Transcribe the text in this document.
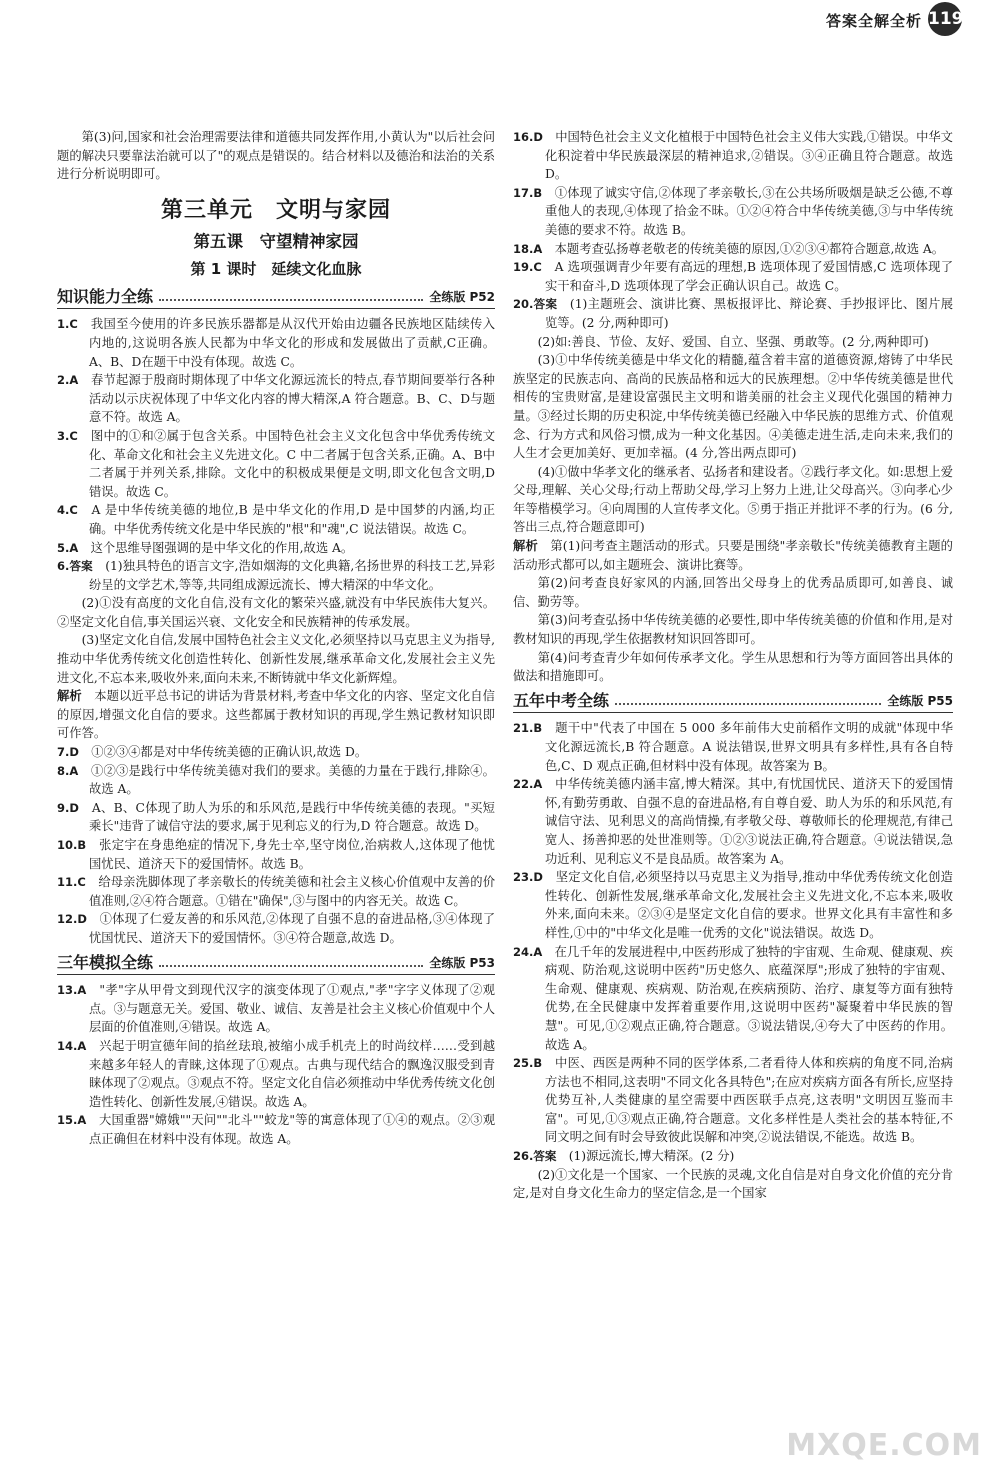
答案全解全析 119

第(3)问,国家和社会治理需要法律和道德共同发挥作用,小黄认为"以后社会问题的解决只要靠法治就可以了"的观点是错误的。结合材料以及德治和法治的关系进行分析说明即可。

第三单元　文明与家园
第五课　守望精神家园
第 1 课时　延续文化血脉
知识能力全练	全练版 P52

1.C　 我国至今使用的许多民族乐器都是从汉代开始由边疆各民族地区陆续传入内地的,这说明各族人民都为中华文化的形成和发展做出了贡献,C正确。A、B、D在题干中没有体现。故选 C。

2.A　 春节起源于殷商时期体现了中华文化源远流长的特点,春节期间要举行各种活动以示庆祝体现了中华文化内容的博大精深,A 符合题意。B、C、D与题意不符。故选 A。

3.C　 图中的①和②属于包含关系。中国特色社会主义文化包含中华优秀传统文化、革命文化和社会主义先进文化。C 中二者属于包含关系,正确。A、B中二者属于并列关系,排除。文化中的积极成果便是文明,即文化包含文明,D 错误。故选 C。

4.C　 A 是中华传统美德的地位,B 是中华文化的作用,D 是中国梦的内涵,均正确。中华优秀传统文化是中华民族的"根"和"魂",C 说法错误。故选 C。

5.A　 这个思维导图强调的是中华文化的作用,故选 A。

6.答案　 (1)独具特色的语言文字,浩如烟海的文化典籍,名扬世界的科技工艺,异彩纷呈的文学艺术,等等,共同组成源远流长、博大精深的中华文化。

(2)①没有高度的文化自信,没有文化的繁荣兴盛,就没有中华民族伟大复兴。②坚定文化自信,事关国运兴衰、文化安全和民族精神的传承发展。

(3)坚定文化自信,发展中国特色社会主义文化,必须坚持以马克思主义为指导,推动中华优秀传统文化创造性转化、创新性发展,继承革命文化,发展社会主义先进文化,不忘本来,吸收外来,面向未来,不断铸就中华文化新辉煌。

解析　 本题以近平总书记的讲话为背景材料,考查中华文化的内容、坚定文化自信的原因,增强文化自信的要求。这些都属于教材知识的再现,学生熟记教材知识即可作答。

7.D　 ①②③④都是对中华传统美德的正确认识,故选 D。

8.A　 ①②③是践行中华传统美德对我们的要求。美德的力量在于践行,排除④。故选 A。

9.D　 A、B、C体现了助人为乐的和乐风范,是践行中华传统美德的表现。"买短乘长"违背了诚信守法的要求,属于见利忘义的行为,D 符合题意。故选 D。

10.B　 张定宇在身患绝症的情况下,身先士卒,坚守岗位,治病救人,这体现了他忧国忧民、道济天下的爱国情怀。故选 B。

11.C　 给母亲洗脚体现了孝亲敬长的传统美德和社会主义核心价值观中友善的价值准则,②④符合题意。①错在"确保",③与图中的内容无关。故选 C。

12.D　 ①体现了仁爱友善的和乐风范,②体现了自强不息的奋进品格,③④体现了忧国忧民、道济天下的爱国情怀。③④符合题意,故选 D。

三年模拟全练	全练版 P53

13.A　 "孝"字从甲骨文到现代汉字的演变体现了①观点,"孝"字字义体现了②观点。③与题意无关。爱国、敬业、诚信、友善是社会主义核心价值观中个人层面的价值准则,④错误。故选 A。

14.A　 兴起于明宣德年间的掐丝珐琅,被缩小成手机壳上的时尚纹样……受到越来越多年轻人的青睐,这体现了①观点。古典与现代结合的飘逸汉服受到青睐体现了②观点。③观点不符。坚定文化自信必须推动中华优秀传统文化创造性转化、创新性发展,④错误。故选 A。

15.A　 大国重器"嫦娥""天问""北斗""蛟龙"等的寓意体现了①④的观点。②③观点正确但在材料中没有体现。故选 A。

16.D　 中国特色社会主义文化植根于中国特色社会主义伟大实践,①错误。中华文化积淀着中华民族最深层的精神追求,②错误。③④正确且符合题意。故选 D。

17.B　 ①体现了诚实守信,②体现了孝亲敬长,③在公共场所吸烟是缺乏公德,不尊重他人的表现,④体现了拾金不昧。①②④符合中华传统美德,③与中华传统美德的要求不符。故选 B。

18.A　 本题考查弘扬尊老敬老的传统美德的原因,①②③④都符合题意,故选 A。

19.C　 A 选项强调青少年要有高远的理想,B 选项体现了爱国情感,C 选项体现了实干和奋斗,D 选项体现了学会正确认识自己。故选 C。

20.答案　 (1)主题班会、演讲比赛、黑板报评比、辩论赛、手抄报评比、图片展览等。(2 分,两种即可)

(2)如:善良、节俭、友好、爱国、自立、坚强、勇敢等。(2 分,两种即可)

(3)①中华传统美德是中华文化的精髓,蕴含着丰富的道德资源,熔铸了中华民族坚定的民族志向、高尚的民族品格和远大的民族理想。②中华传统美德是世代相传的宝贵财富,是建设富强民主文明和谐美丽的社会主义现代化强国的精神力量。③经过长期的历史积淀,中华传统美德已经融入中华民族的思维方式、价值观念、行为方式和风俗习惯,成为一种文化基因。④美德走进生活,走向未来,我们的人生才会更加美好、更加幸福。(4 分,答出两点即可)

(4)①做中华孝文化的继承者、弘扬者和建设者。②践行孝文化。如:思想上爱父母,理解、关心父母;行动上帮助父母,学习上努力上进,让父母高兴。③向孝心少年等楷模学习。④向周围的人宣传孝文化。⑤勇于指正并批评不孝的行为。(6 分,答出三点,符合题意即可)

解析　 第(1)问考查主题活动的形式。只要是围绕"孝亲敬长"传统美德教育主题的活动形式都可以,如主题班会、演讲比赛等。

第(2)问考查良好家风的内涵,回答出父母身上的优秀品质即可,如善良、诚信、勤劳等。

第(3)问考查弘扬中华传统美德的必要性,即中华传统美德的价值和作用,是对教材知识的再现,学生依据教材知识回答即可。

第(4)问考查青少年如何传承孝文化。学生从思想和行为等方面回答出具体的做法和措施即可。

五年中考全练	全练版 P55

21.B　 题干中"代表了中国在 5 000 多年前伟大史前稻作文明的成就"体现中华文化源远流长,B 符合题意。A 说法错误,世界文明具有多样性,具有各自特色,C、D 观点正确,但材料中没有体现。故答案为 B。

22.A　 中华传统美德内涵丰富,博大精深。其中,有忧国忧民、道济天下的爱国情怀,有勤劳勇敢、自强不息的奋进品格,有自尊自爱、助人为乐的和乐风范,有诚信守法、见利思义的高尚情操,有孝敬父母、尊敬师长的伦理规范,有律己宽人、扬善抑恶的处世准则等。①②③说法正确,符合题意。④说法错误,急功近利、见利忘义不是良品质。故答案为 A。

23.D　 坚定文化自信,必须坚持以马克思主义为指导,推动中华优秀传统文化创造性转化、创新性发展,继承革命文化,发展社会主义先进文化,不忘本来,吸收外来,面向未来。②③④是坚定文化自信的要求。世界文化具有丰富性和多样性,①中的"中华文化是唯一优秀的文化"说法错误。故选 D。

24.A　 在几千年的发展进程中,中医药形成了独特的宇宙观、生命观、健康观、疾病观、防治观,这说明中医药"历史悠久、底蕴深厚";形成了独特的宇宙观、生命观、健康观、疾病观、防治观,在疾病预防、治疗、康复等方面有独特优势,在全民健康中发挥着重要作用,这说明中医药"凝聚着中华民族的智慧"。可见,①②观点正确,符合题意。③说法错误,④夸大了中医药的作用。故选 A。

25.B　 中医、西医是两种不同的医学体系,二者看待人体和疾病的角度不同,治病方法也不相同,这表明"不同文化各具特色";在应对疾病方面各有所长,应坚持优势互补,人类健康的星空需要中西医联手点亮,这表明"文明因互鉴而丰富"。可见,①③观点正确,符合题意。文化多样性是人类社会的基本特征,不同文明之间有时会导致彼此误解和冲突,②说法错误,不能选。故选 B。

26.答案　 (1)源远流长,博大精深。(2 分)

(2)①文化是一个国家、一个民族的灵魂,文化自信是对自身文化价值的充分肯定,是对自身文化生命力的坚定信念,是一个国家

MXQE.COM
